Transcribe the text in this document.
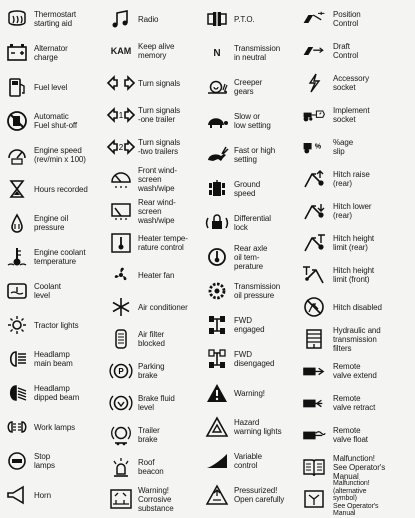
Thermostart
starting aid
Alternator
charge
Fuel level
Automatic
Fuel shut-off
Engine speed
(rev/min x 100)
Hours recorded
Engine oil
pressure
Engine coolant
temperature
Coolant
level
Tractor lights
Headlamp
main beam
Headlamp
dipped beam
Work lamps
Stop
lamps
Horn
Radio
KAM Keep alive
memory
Turn signals
1
Turn signals
-one trailer
2
Turn signals
-two trailers
Front wind-
screen
wash/wipe
Rear wind-
screen
wash/wipe
Heater tempe-
rature control
Heater fan
Air conditioner
Air filter
blocked
P
Parking
brake
Brake fluid
level
Trailer
brake
Roof
beacon
Warning!
Corrosive
substance
P.T.O.
N	Transmission
in neutral
Creeper
gears
Slow or
low setting
Fast or high
setting
Ground
speed
Differential
lock
Rear axle
oil tem-
perature
Transmission
oil pressure
FWD
engaged
FWD
disengaged
Warning!
Hazard
warning lights
Variable
control
Pressurized!
Open carefully
Position
Control
Draft
Control
Accessory
socket
Implement
socket
% %age
slip
Hitch raise
(rear)
Hitch lower
(rear)
Hitch height
limit (rear)
Hitch height
limit (front)
Hitch disabled
Hydraulic and
transmission
filters
Remote
valve extend
Remote
valve retract
Remote
valve float
Malfunction!
See Operator's
Manual
Malfunction!
(alternative
symbol)
See Operator's
Manual
